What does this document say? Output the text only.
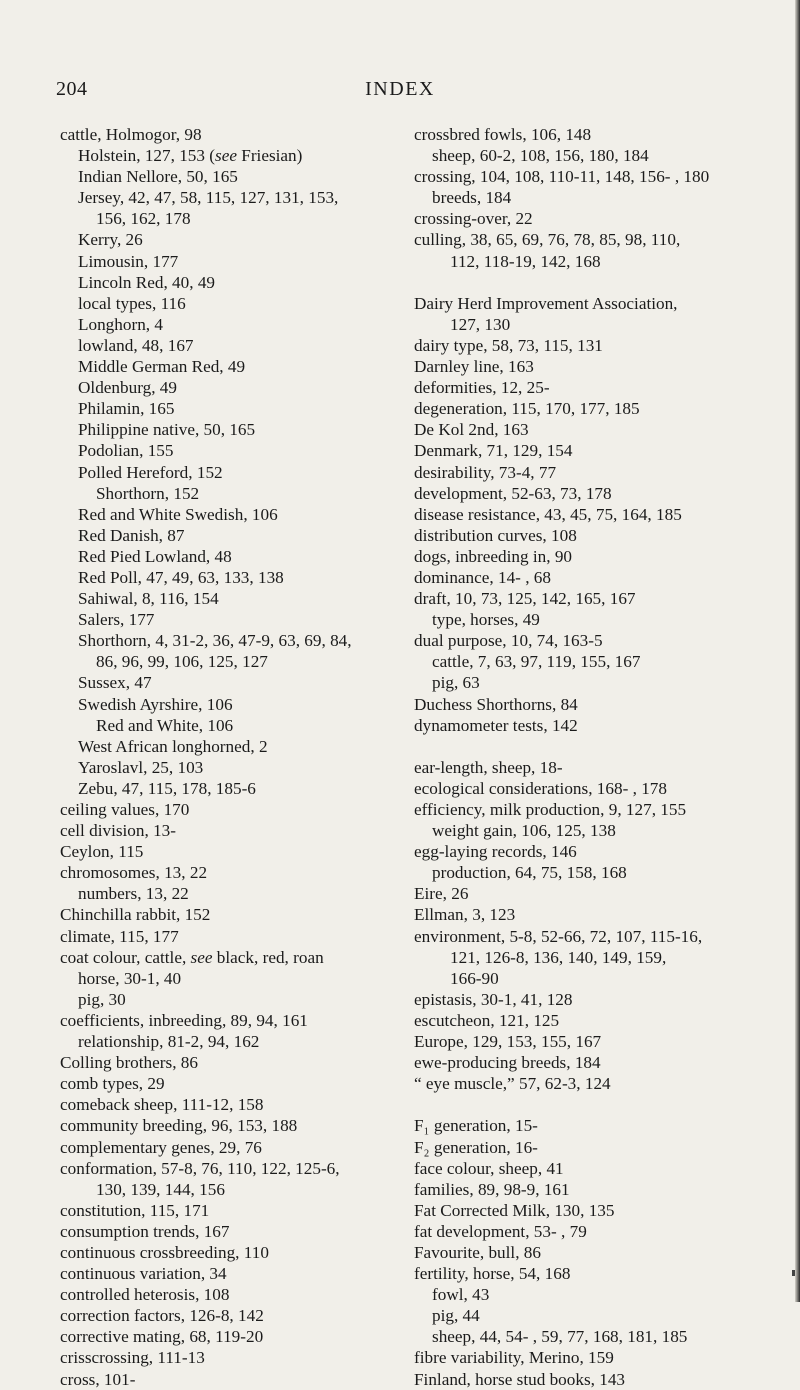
204	INDEX
cattle, Holmogor, 98
Holstein, 127, 153 (see Friesian)
Indian Nellore, 50, 165
Jersey, 42, 47, 58, 115, 127, 131, 153,
156, 162, 178
Kerry, 26
Limousin, 177
Lincoln Red, 40, 49
local types, 116
Longhorn, 4
lowland, 48, 167
Middle German Red, 49
Oldenburg, 49
Philamin, 165
Philippine native, 50, 165
Podolian, 155
Polled Hereford, 152
Shorthorn, 152
Red and White Swedish, 106
Red Danish, 87
Red Pied Lowland, 48
Red Poll, 47, 49, 63, 133, 138
Sahiwal, 8, 116, 154
Salers, 177
Shorthorn, 4, 31-2, 36, 47-9, 63, 69, 84,
86, 96, 99, 106, 125, 127
Sussex, 47
Swedish Ayrshire, 106
Red and White, 106
West African longhorned, 2
Yaroslavl, 25, 103
Zebu, 47, 115, 178, 185-6
ceiling values, 170
cell division, 13-
Ceylon, 115
chromosomes, 13, 22
numbers, 13, 22
Chinchilla rabbit, 152
climate, 115, 177
coat colour, cattle, see black, red, roan
horse, 30-1, 40
pig, 30
coefficients, inbreeding, 89, 94, 161
relationship, 81-2, 94, 162
Colling brothers, 86
comb types, 29
comeback sheep, 111-12, 158
community breeding, 96, 153, 188
complementary genes, 29, 76
conformation, 57-8, 76, 110, 122, 125-6,
130, 139, 144, 156
constitution, 115, 171
consumption trends, 167
continuous crossbreeding, 110
continuous variation, 34
controlled heterosis, 108
correction factors, 126-8, 142
corrective mating, 68, 119-20
crisscrossing, 111-13
cross, 101-
crossbred fowls, 106, 148
sheep, 60-2, 108, 156, 180, 184
crossing, 104, 108, 110-11, 148, 156- , 180
breeds, 184
crossing-over, 22
culling, 38, 65, 69, 76, 78, 85, 98, 110,
112, 118-19, 142, 168
Dairy Herd Improvement Association,
127, 130
dairy type, 58, 73, 115, 131
Darnley line, 163
deformities, 12, 25-
degeneration, 115, 170, 177, 185
De Kol 2nd, 163
Denmark, 71, 129, 154
desirability, 73-4, 77
development, 52-63, 73, 178
disease resistance, 43, 45, 75, 164, 185
distribution curves, 108
dogs, inbreeding in, 90
dominance, 14- , 68
draft, 10, 73, 125, 142, 165, 167
type, horses, 49
dual purpose, 10, 74, 163-5
cattle, 7, 63, 97, 119, 155, 167
pig, 63
Duchess Shorthorns, 84
dynamometer tests, 142
ear-length, sheep, 18-
ecological considerations, 168- , 178
efficiency, milk production, 9, 127, 155
weight gain, 106, 125, 138
egg-laying records, 146
production, 64, 75, 158, 168
Eire, 26
Ellman, 3, 123
environment, 5-8, 52-66, 72, 107, 115-16,
121, 126-8, 136, 140, 149, 159,
166-90
epistasis, 30-1, 41, 128
escutcheon, 121, 125
Europe, 129, 153, 155, 167
ewe-producing breeds, 184
“ eye muscle,” 57, 62-3, 124
F₁ generation, 15-
F₂ generation, 16-
face colour, sheep, 41
families, 89, 98-9, 161
Fat Corrected Milk, 130, 135
fat development, 53- , 79
Favourite, bull, 86
fertility, horse, 54, 168
fowl, 43
pig, 44
sheep, 44, 54- , 59, 77, 168, 181, 185
fibre variability, Merino, 159
Finland, horse stud books, 143
